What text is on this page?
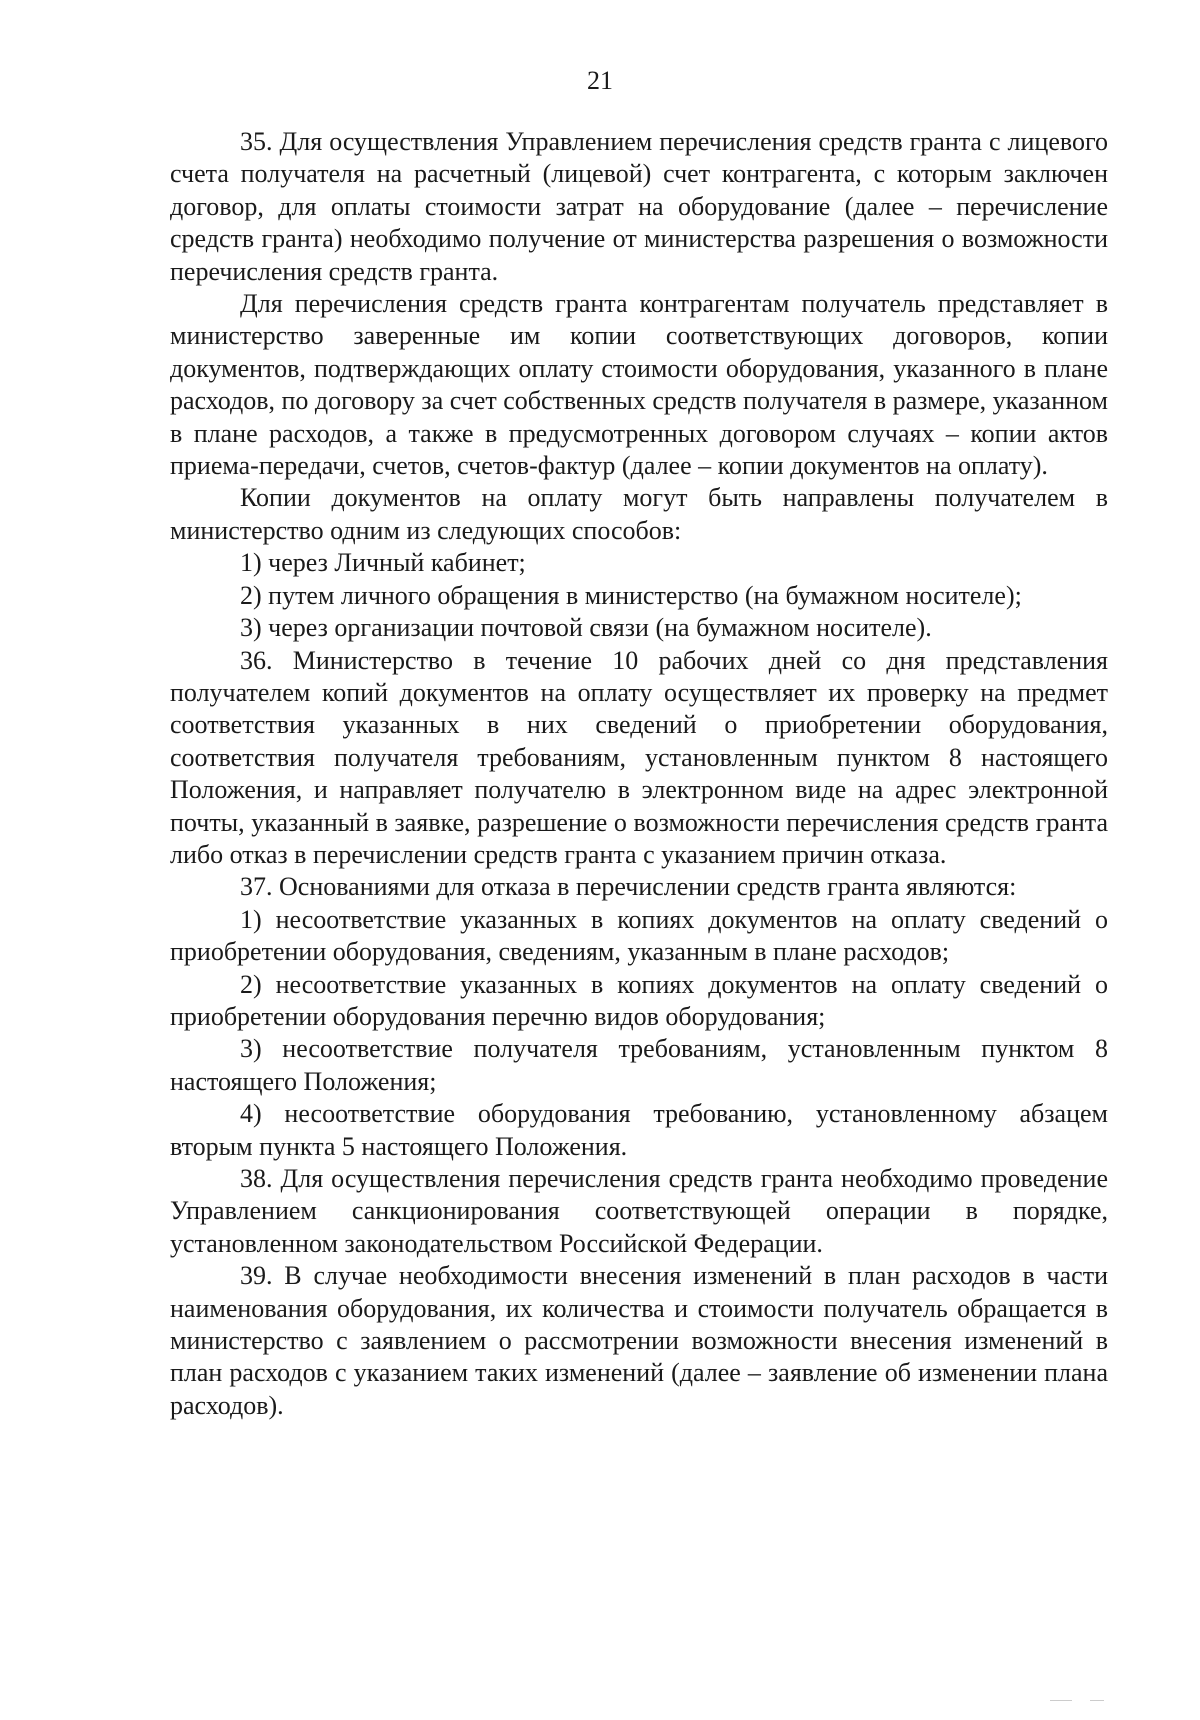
21

35. Для осуществления Управлением перечисления средств гранта с лицевого счета получателя на расчетный (лицевой) счет контрагента, с которым заключен договор, для оплаты стоимости затрат на оборудование (далее – перечисление средств гранта) необходимо получение от министерства разрешения о возможности перечисления средств гранта.

Для перечисления средств гранта контрагентам получатель представляет в министерство заверенные им копии соответствующих договоров, копии документов, подтверждающих оплату стоимости оборудования, указанного в плане расходов, по договору за счет собственных средств получателя в размере, указанном в плане расходов, а также в предусмотренных договором случаях – копии актов приема-передачи, счетов, счетов-фактур (далее – копии документов на оплату).

Копии документов на оплату могут быть направлены получателем в министерство одним из следующих способов:

1) через Личный кабинет;

2) путем личного обращения в министерство (на бумажном носителе);

3) через организации почтовой связи (на бумажном носителе).

36. Министерство в течение 10 рабочих дней со дня представления получателем копий документов на оплату осуществляет их проверку на предмет соответствия указанных в них сведений о приобретении оборудования, соответствия получателя требованиям, установленным пунктом 8 настоящего Положения, и направляет получателю в электронном виде на адрес электронной почты, указанный в заявке, разрешение о возможности перечисления средств гранта либо отказ в перечислении средств гранта с указанием причин отказа.

37. Основаниями для отказа в перечислении средств гранта являются:

1) несоответствие указанных в копиях документов на оплату сведений о приобретении оборудования, сведениям, указанным в плане расходов;

2) несоответствие указанных в копиях документов на оплату сведений о приобретении оборудования перечню видов оборудования;

3) несоответствие получателя требованиям, установленным пунктом 8 настоящего Положения;

4) несоответствие оборудования требованию, установленному абзацем вторым пункта 5 настоящего Положения.

38. Для осуществления перечисления средств гранта необходимо проведение Управлением санкционирования соответствующей операции в порядке, установленном законодательством Российской Федерации.

39. В случае необходимости внесения изменений в план расходов в части наименования оборудования, их количества и стоимости получатель обращается в министерство с заявлением о рассмотрении возможности внесения изменений в план расходов с указанием таких изменений (далее – заявление об изменении плана расходов).
